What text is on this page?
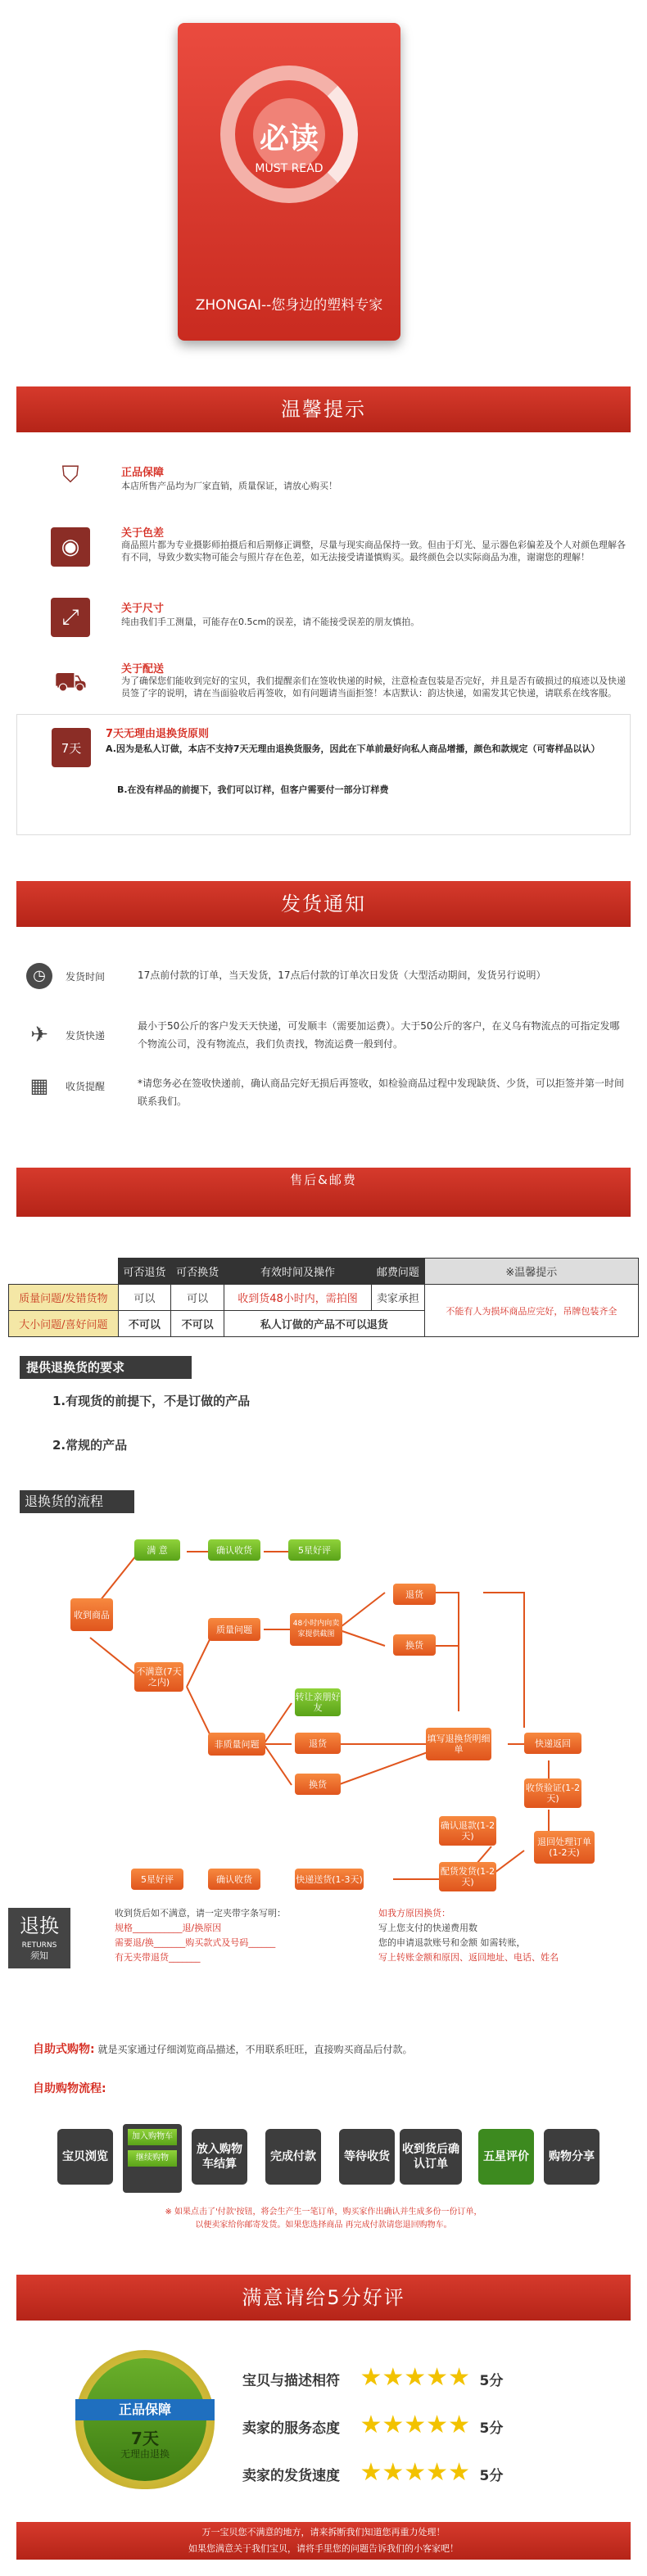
必读
MUST READ
ZHONGAI--您身边的塑料专家
温馨提示
⛉	正品保障
本店所售产品均为厂家直销，质量保证，请放心购买！
◉
关于色差
商品照片都为专业摄影师拍摄后和后期修正调整，尽量与现实商品保持一致。但由于灯光、显示器色彩偏差及个人对颜色理解各有不同，导致少数实物可能会与照片存在色差，如无法接受请谨慎购买。最终颜色会以实际商品为准，谢谢您的理解！
⤢	关于尺寸
纯由我们手工测量，可能存在0.5cm的误差，请不能接受误差的朋友慎拍。
⛟	关于配送
为了确保您们能收到完好的宝贝，我们提醒亲们在签收快递的时候，注意检查包装是否完好，并且是否有破损过的痕迹以及快递员签了字的说明，请在当面验收后再签收，如有问题请当面拒签！本店默认：韵达快递，如需发其它快递，请联系在线客服。
7天
7天无理由退换货原则
A.因为是私人订做，本店不支持7天无理由退换货服务，因此在下单前最好向私人商品增播，颜色和款规定（可寄样品以认）
B.在没有样品的前提下，我们可以订样，但客户需要付一部分订样费
发货通知
◷	发货时间	17点前付款的订单，当天发货，17点后付款的订单次日发货（大型活动期间，发货另行说明）
✈	发货快递
最小于50公斤的客户发天天快递，可发顺丰（需要加运费）。大于50公斤的客户，在义乌有物流点的可指定发哪个物流公司，没有物流点，我们负责找，物流运费一般到付。
▦	收货提醒	*请您务必在签收快递前，确认商品完好无损后再签收，如检验商品过程中发现缺货、少货，可以拒签并第一时间联系我们。
售后&邮费
	可否退货	可否换货	有效时间及操作	邮费问题	※温馨提示
质量问题/发错货物	可以	可以	收到货48小时内，需拍图	卖家承担	不能有人为损坏商品应完好，吊牌包装齐全
大小问题/喜好问题	不可以	不可以	私人订做的产品不可以退货		
提供退换货的要求
1.有现货的前提下，不是订做的产品
2.常规的产品
退换货的流程
收到商品
满 意	确认收货	5星好评
不满意(7天之内)
质量问题
48小时内向卖家提供截图
退货
换货
非质量问题
转让亲朋好友
退货
换货
填写退换货明细单
快递返回
收货验证(1-2天)
确认退款(1-2天)
退回处理订单(1-2天)
配货发货(1-2天)
快递送货(1-3天)
确认收货
5星好评
退换
RETURNS
须知
收到货后如不满意，请一定夹带字条写明：
规格___________退/换原因
需要退/换_______购买款式及号码______
有无夹带退货_______
如我方原因换货：
写上您支付的快递费用数
您的申请退款账号和金额 如需转账，
写上转账金额和原因、返回地址、电话、姓名
自助式购物: 就是买家通过仔细浏览商品描述，不用联系旺旺，直接购买商品后付款。
自助购物流程:
宝贝浏览
加入购物车
继续购物
放入购物车结算
完成付款	等待收货
收到货后确认订单
五星评价	购物分享
※ 如果点击了'付款'按钮，将会生产生一笔订单，购买家作出确认并生成多份一份订单，
以便卖家给你邮寄发货。如果您选择商品 再完成付款请您退回购物车。
满意请给5分好评
正品保障
7天
无理由退换
宝贝与描述相符 ★★★★★ 5分
卖家的服务态度 ★★★★★ 5分
卖家的发货速度 ★★★★★ 5分
万一宝贝您不满意的地方，请来拆断我们知道您再重力处理！
如果您满意关于我们宝贝，请将手里您的问题告诉我们的小客家吧！
